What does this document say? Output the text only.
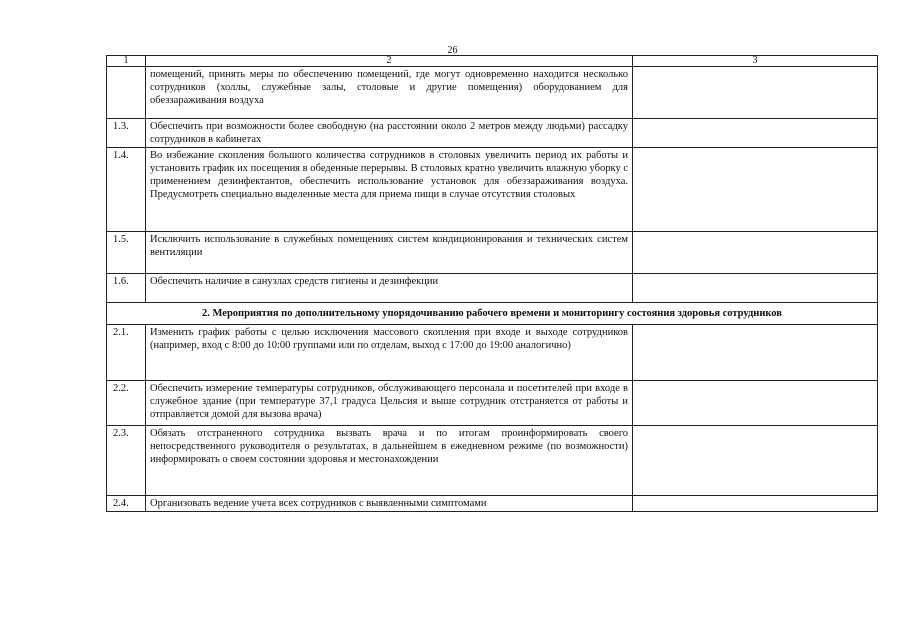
26
1	2	3
	помещений, принять меры по обеспечению помещений, где могут одновременно находится несколько сотрудников (холлы, служебные залы, столовые и другие помещения) оборудованием для обеззараживания воздуха	
1.3.	Обеспечить при возможности более свободную (на расстоянии около 2 метров между людьми) рассадку сотрудников в кабинетах	
1.4.	Во избежание скопления большого количества сотрудников в столовых увеличить период их работы и установить график их посещения в обеденные перерывы. В столовых кратно увеличить влажную уборку с применением дезинфектантов, обеспечить использование установок для обеззараживания воздуха. Предусмотреть специально выделенные места для приема пищи в случае отсутствия столовых	
1.5.	Исключить использование в служебных помещениях систем кондиционирования и технических систем вентиляции	
1.6.	Обеспечить наличие в санузлах средств гигиены и дезинфекции	
2. Мероприятия по дополнительному упорядочиванию рабочего времени и мониторингу состояния здоровья сотрудников		
2.1.	Изменить график работы с целью исключения массового скопления при входе и выходе сотрудников (например, вход с 8:00 до 10:00 группами или по отделам, выход с 17:00 до 19:00 аналогично)	
2.2.	Обеспечить измерение температуры сотрудников, обслуживающего персонала и посетителей при входе в служебное здание (при температуре 37,1 градуса Цельсия и выше сотрудник отстраняется от работы и отправляется домой для вызова врача)	
2.3.	Обязать отстраненного сотрудника вызвать врача и по итогам проинформировать своего непосредственного руководителя о результатах, в дальнейшем в ежедневном режиме (по возможности) информировать о своем состоянии здоровья и местонахождении	
2.4.	Организовать ведение учета всех сотрудников с выявленными симптомами	
